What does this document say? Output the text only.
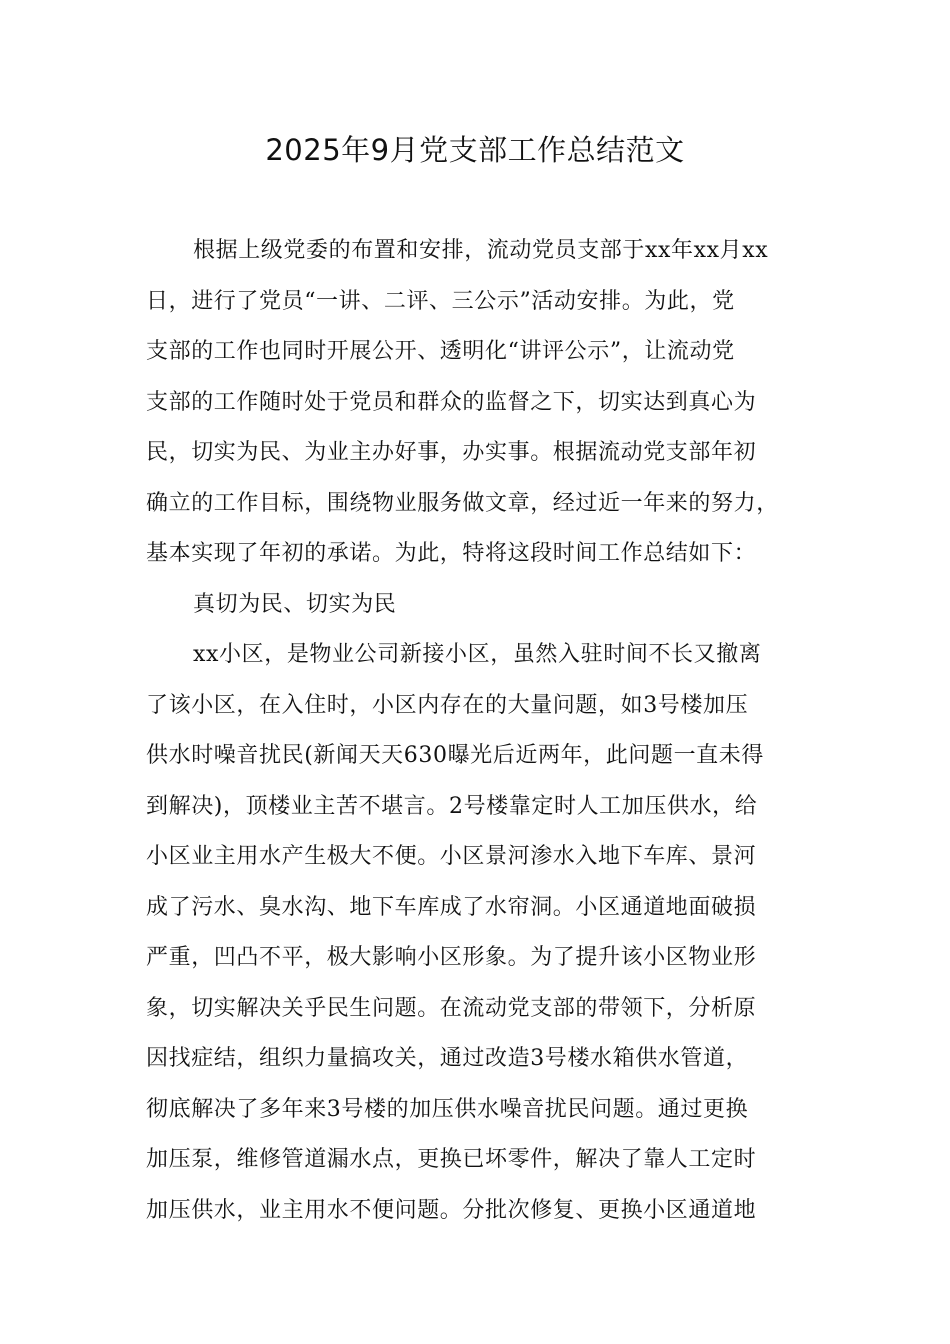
2025年9月党支部工作总结范文
根据上级党委的布置和安排，流动党员支部于xx年xx月xx
日，进行了党员“一讲、二评、三公示”活动安排。为此，党
支部的工作也同时开展公开、透明化“讲评公示”，让流动党
支部的工作随时处于党员和群众的监督之下，切实达到真心为
民，切实为民、为业主办好事，办实事。根据流动党支部年初
确立的工作目标，围绕物业服务做文章，经过近一年来的努力，
基本实现了年初的承诺。为此，特将这段时间工作总结如下：
真切为民、切实为民
xx小区，是物业公司新接小区，虽然入驻时间不长又撤离
了该小区，在入住时，小区内存在的大量问题，如3号楼加压
供水时噪音扰民(新闻天天630曝光后近两年，此问题一直未得
到解决)，顶楼业主苦不堪言。2号楼靠定时人工加压供水，给
小区业主用水产生极大不便。小区景河渗水入地下车库、景河
成了污水、臭水沟、地下车库成了水帘洞。小区通道地面破损
严重，凹凸不平，极大影响小区形象。为了提升该小区物业形
象，切实解决关乎民生问题。在流动党支部的带领下，分析原
因找症结，组织力量搞攻关，通过改造3号楼水箱供水管道，
彻底解决了多年来3号楼的加压供水噪音扰民问题。通过更换
加压泵，维修管道漏水点，更换已坏零件，解决了靠人工定时
加压供水，业主用水不便问题。分批次修复、更换小区通道地
